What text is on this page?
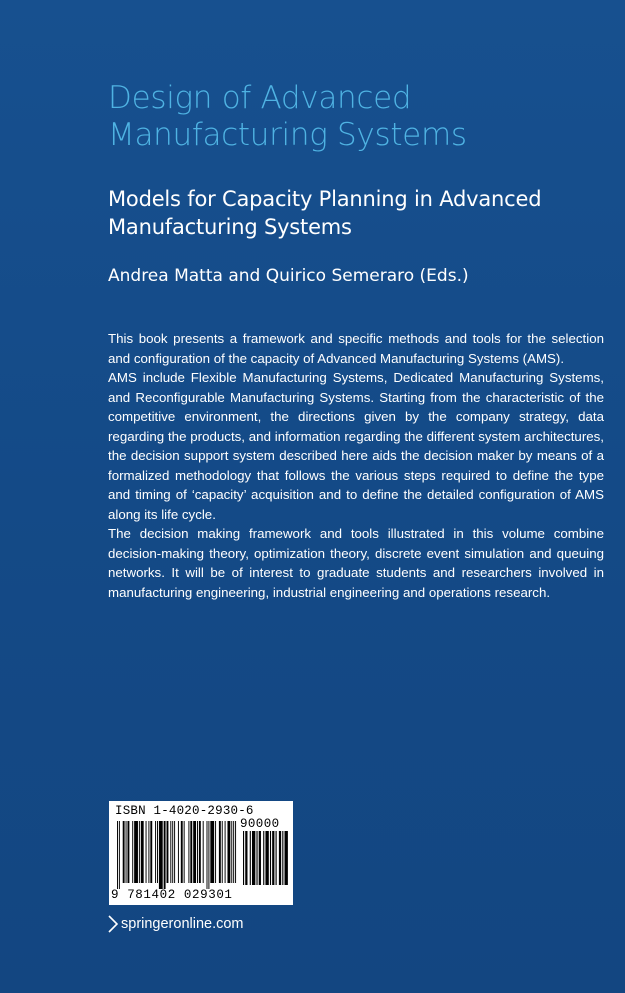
Design of Advanced Manufacturing Systems
Models for Capacity Planning in Advanced Manufacturing Systems
Andrea Matta and Quirico Semeraro (Eds.)

This book presents a framework and specific methods and tools for the selection and configuration of the capacity of Advanced Manufacturing Systems (AMS).

AMS include Flexible Manufacturing Systems, Dedicated Manufacturing Systems, and Reconfigurable Manufacturing Systems. Starting from the characteristic of the competitive environment, the directions given by the company strategy, data regarding the products, and information regarding the different system architectures, the decision support system described here aids the decision maker by means of a formalized methodology that follows the various steps required to define the type and timing of ‘capacity’ acquisition and to define the detailed configuration of AMS along its life cycle.

The decision making framework and tools illustrated in this volume combine decision-making theory, optimization theory, discrete event simulation and queuing networks. It will be of interest to graduate students and researchers involved in manufacturing engineering, industrial engineering and operations research.

ISBN 1-4020-2930-6
90000
9 781402 029301
springeronline.com
